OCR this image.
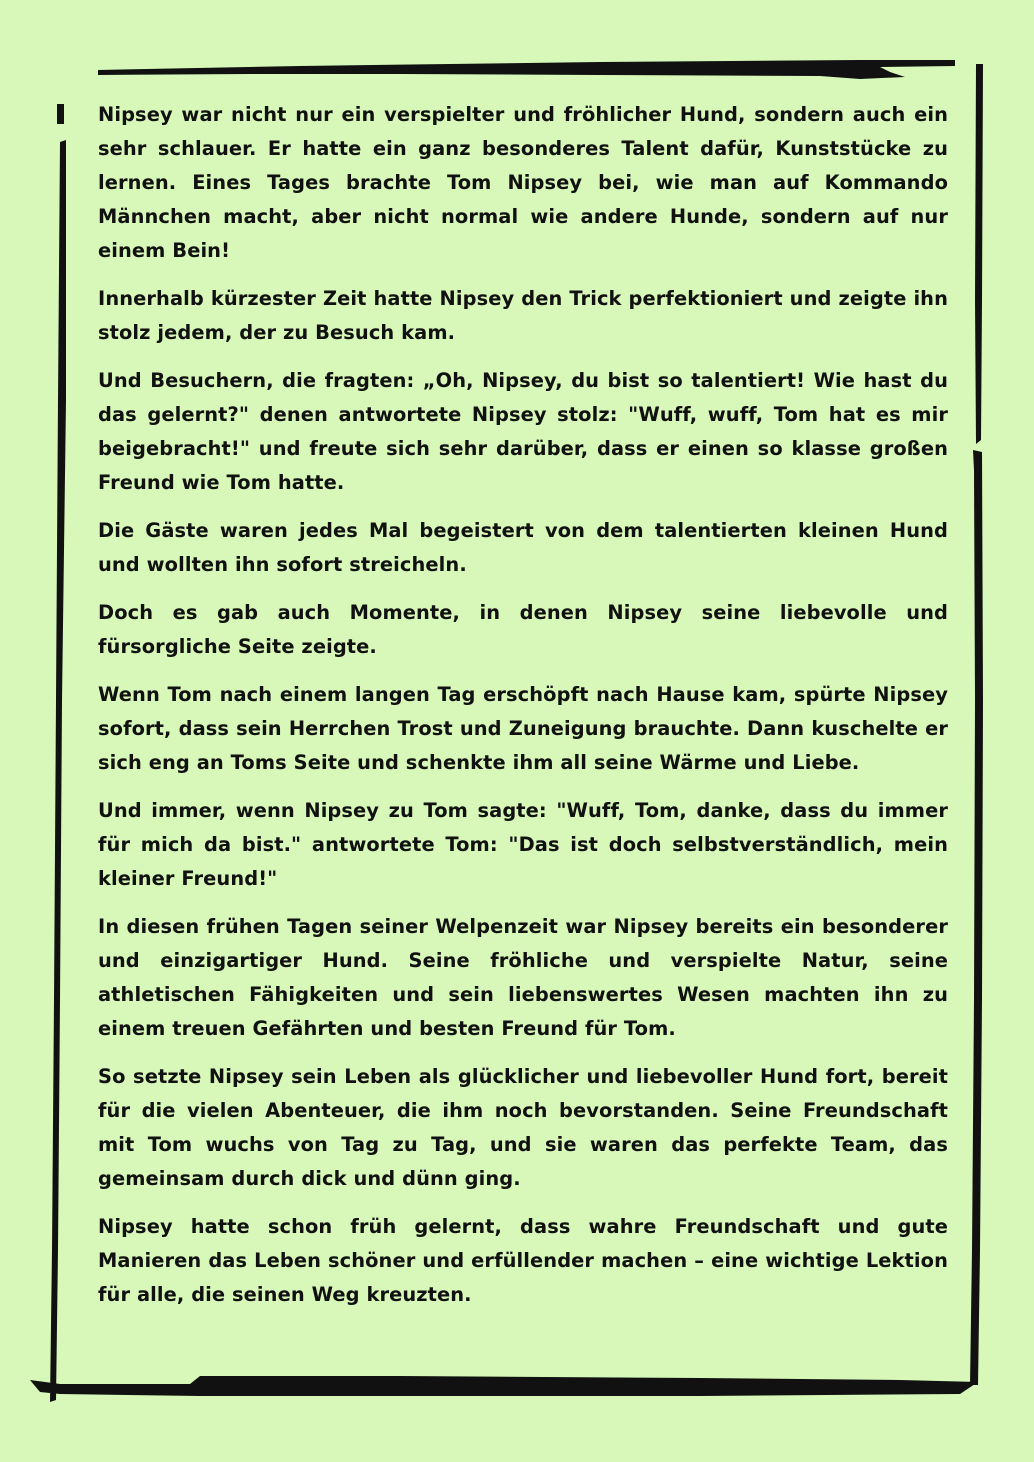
Nipsey war nicht nur ein verspielter und fröhlicher Hund, sondern auch ein sehr schlauer. Er hatte ein ganz besonderes Talent dafür, Kunststücke zu lernen. Eines Tages brachte Tom Nipsey bei, wie man auf Kommando Männchen macht, aber nicht normal wie andere Hunde, sondern auf nur einem Bein!

Innerhalb kürzester Zeit hatte Nipsey den Trick perfektioniert und zeigte ihn stolz jedem, der zu Besuch kam.

Und Besuchern, die fragten: „Oh, Nipsey, du bist so talentiert! Wie hast du das gelernt?" denen antwortete Nipsey stolz: "Wuff, wuff, Tom hat es mir beigebracht!" und freute sich sehr darüber, dass er einen so klasse großen Freund wie Tom hatte.

Die Gäste waren jedes Mal begeistert von dem talentierten kleinen Hund und wollten ihn sofort streicheln.

Doch es gab auch Momente, in denen Nipsey seine liebevolle und fürsorgliche Seite zeigte.

Wenn Tom nach einem langen Tag erschöpft nach Hause kam, spürte Nipsey sofort, dass sein Herrchen Trost und Zuneigung brauchte. Dann kuschelte er sich eng an Toms Seite und schenkte ihm all seine Wärme und Liebe.

Und immer, wenn Nipsey zu Tom sagte: "Wuff, Tom, danke, dass du immer für mich da bist." antwortete Tom: "Das ist doch selbstverständlich, mein kleiner Freund!"

In diesen frühen Tagen seiner Welpenzeit war Nipsey bereits ein besonderer und einzigartiger Hund. Seine fröhliche und verspielte Natur, seine athletischen Fähigkeiten und sein liebenswertes Wesen machten ihn zu einem treuen Gefährten und besten Freund für Tom.

So setzte Nipsey sein Leben als glücklicher und liebevoller Hund fort, bereit für die vielen Abenteuer, die ihm noch bevorstanden. Seine Freundschaft mit Tom wuchs von Tag zu Tag, und sie waren das perfekte Team, das gemeinsam durch dick und dünn ging.

Nipsey hatte schon früh gelernt, dass wahre Freundschaft und gute Manieren das Leben schöner und erfüllender machen – eine wichtige Lektion für alle, die seinen Weg kreuzten.
